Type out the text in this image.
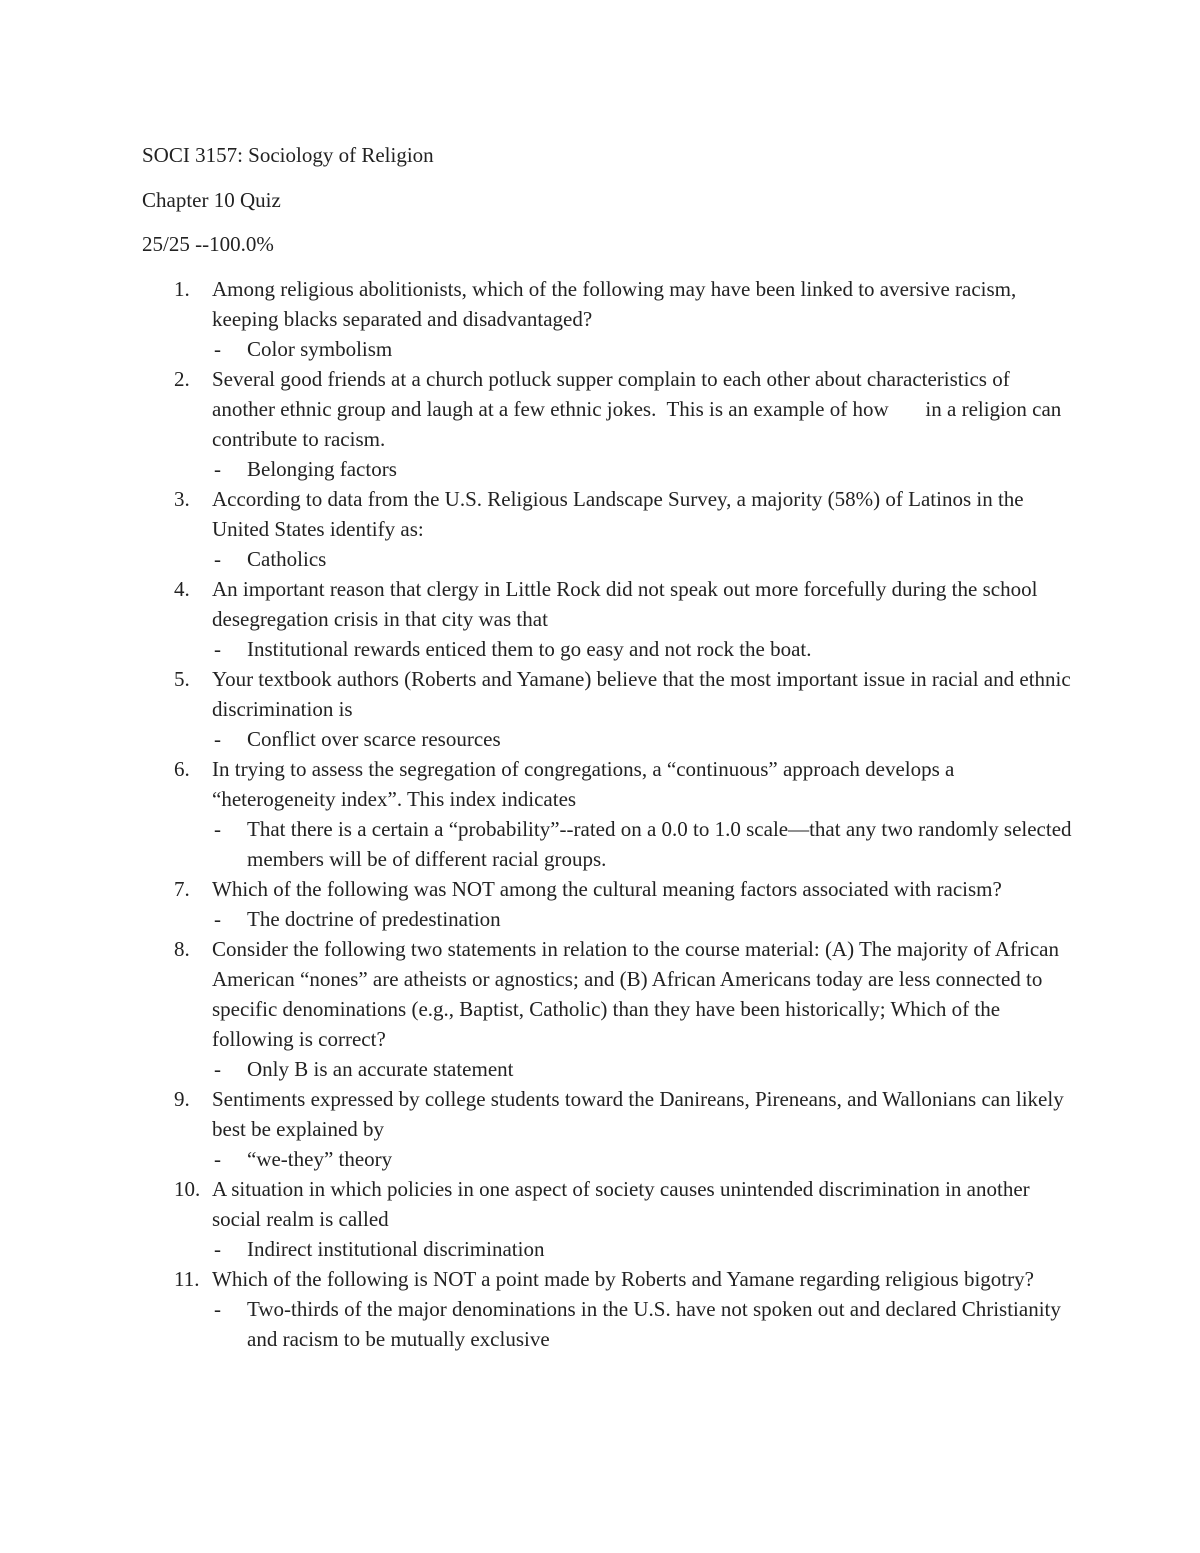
SOCI 3157: Sociology of Religion
Chapter 10 Quiz
25/25 --100.0%
1. Among religious abolitionists, which of the following may have been linked to aversive racism, keeping blacks separated and disadvantaged?
- Color symbolism
2. Several good friends at a church potluck supper complain to each other about characteristics of another ethnic group and laugh at a few ethnic jokes.  This is an example of how       in a religion can contribute to racism.
- Belonging factors
3. According to data from the U.S. Religious Landscape Survey, a majority (58%) of Latinos in the United States identify as:
- Catholics
4. An important reason that clergy in Little Rock did not speak out more forcefully during the school desegregation crisis in that city was that
- Institutional rewards enticed them to go easy and not rock the boat.
5. Your textbook authors (Roberts and Yamane) believe that the most important issue in racial and ethnic discrimination is
- Conflict over scarce resources
6. In trying to assess the segregation of congregations, a “continuous” approach develops a “heterogeneity index”. This index indicates
- That there is a certain a “probability”--rated on a 0.0 to 1.0 scale—that any two randomly selected members will be of different racial groups.
7. Which of the following was NOT among the cultural meaning factors associated with racism?
- The doctrine of predestination
8. Consider the following two statements in relation to the course material: (A) The majority of African American “nones” are atheists or agnostics; and (B) African Americans today are less connected to specific denominations (e.g., Baptist, Catholic) than they have been historically; Which of the following is correct?
- Only B is an accurate statement
9. Sentiments expressed by college students toward the Danireans, Pireneans, and Wallonians can likely best be explained by
- “we-they” theory
10. A situation in which policies in one aspect of society causes unintended discrimination in another social realm is called
- Indirect institutional discrimination
11. Which of the following is NOT a point made by Roberts and Yamane regarding religious bigotry?
- Two-thirds of the major denominations in the U.S. have not spoken out and declared Christianity and racism to be mutually exclusive
